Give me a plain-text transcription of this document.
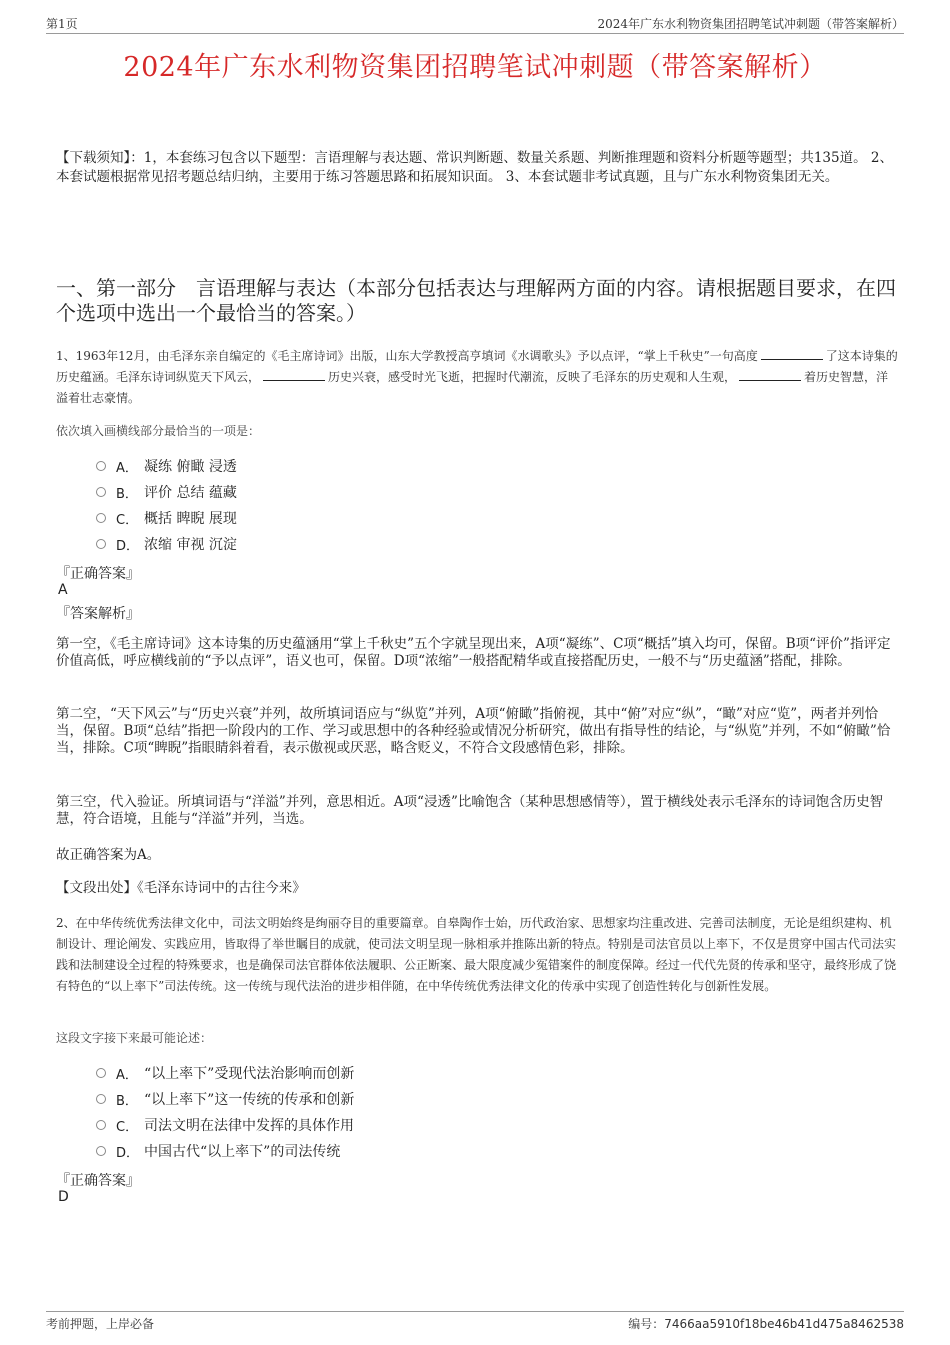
第1页	2024年广东水利物资集团招聘笔试冲刺题（带答案解析）
2024年广东水利物资集团招聘笔试冲刺题（带答案解析）
【下载须知】：1，本套练习包含以下题型：言语理解与表达题、常识判断题、数量关系题、判断推理题和资料分析题等题型；共135道。 2、本套试题根据常见招考题总结归纳，主要用于练习答题思路和拓展知识面。 3、本套试题非考试真题，且与广东水利物资集团无关。
一、第一部分　言语理解与表达（本部分包括表达与理解两方面的内容。请根据题目要求，在四个选项中选出一个最恰当的答案。）
1、1963年12月，由毛泽东亲自编定的《毛主席诗词》出版，山东大学教授高亨填词《水调歌头》予以点评，“掌上千秋史”一句高度	了这本诗集的历史蕴涵。毛泽东诗词纵览天下风云，	历史兴衰，感受时光飞逝，把握时代潮流，反映了毛泽东的历史观和人生观，	着历史智慧，洋溢着壮志豪情。
依次填入画横线部分最恰当的一项是：
A． 凝练 俯瞰 浸透
B． 评价 总结 蕴藏
C． 概括 睥睨 展现
D． 浓缩 审视 沉淀
『正确答案』
A
『答案解析』
第一空，《毛主席诗词》这本诗集的历史蕴涵用“掌上千秋史”五个字就呈现出来，A项“凝练”、C项“概括”填入均可，保留。B项“评价”指评定价值高低，呼应横线前的“予以点评”，语义也可，保留。D项“浓缩”一般搭配精华或直接搭配历史，一般不与“历史蕴涵”搭配，排除。
第二空，“天下风云”与“历史兴衰”并列，故所填词语应与“纵览”并列，A项“俯瞰”指俯视，其中“俯”对应“纵”，“瞰”对应“览”，两者并列恰当，保留。B项“总结”指把一阶段内的工作、学习或思想中的各种经验或情况分析研究，做出有指导性的结论，与“纵览”并列，不如“俯瞰”恰当，排除。C项“睥睨”指眼睛斜着看，表示傲视或厌恶，略含贬义，不符合文段感情色彩，排除。
第三空，代入验证。所填词语与“洋溢”并列，意思相近。A项“浸透”比喻饱含（某种思想感情等），置于横线处表示毛泽东的诗词饱含历史智慧，符合语境，且能与“洋溢”并列，当选。
故正确答案为A。
【文段出处】《毛泽东诗词中的古往今来》
2、在中华传统优秀法律文化中，司法文明始终是绚丽夺目的重要篇章。自皋陶作士始，历代政治家、思想家均注重改进、完善司法制度，无论是组织建构、机制设计、理论阐发、实践应用，皆取得了举世瞩目的成就，使司法文明呈现一脉相承并推陈出新的特点。特别是司法官员以上率下，不仅是贯穿中国古代司法实践和法制建设全过程的特殊要求，也是确保司法官群体依法履职、公正断案、最大限度减少冤错案件的制度保障。经过一代代先贤的传承和坚守，最终形成了饶有特色的“以上率下”司法传统。这一传统与现代法治的进步相伴随，在中华传统优秀法律文化的传承中实现了创造性转化与创新性发展。
这段文字接下来最可能论述：
A． “以上率下”受现代法治影响而创新
B． “以上率下”这一传统的传承和创新
C． 司法文明在法律中发挥的具体作用
D． 中国古代“以上率下”的司法传统
『正确答案』
D
考前押题，上岸必备	编号：7466aa5910f18be46b41d475a8462538
